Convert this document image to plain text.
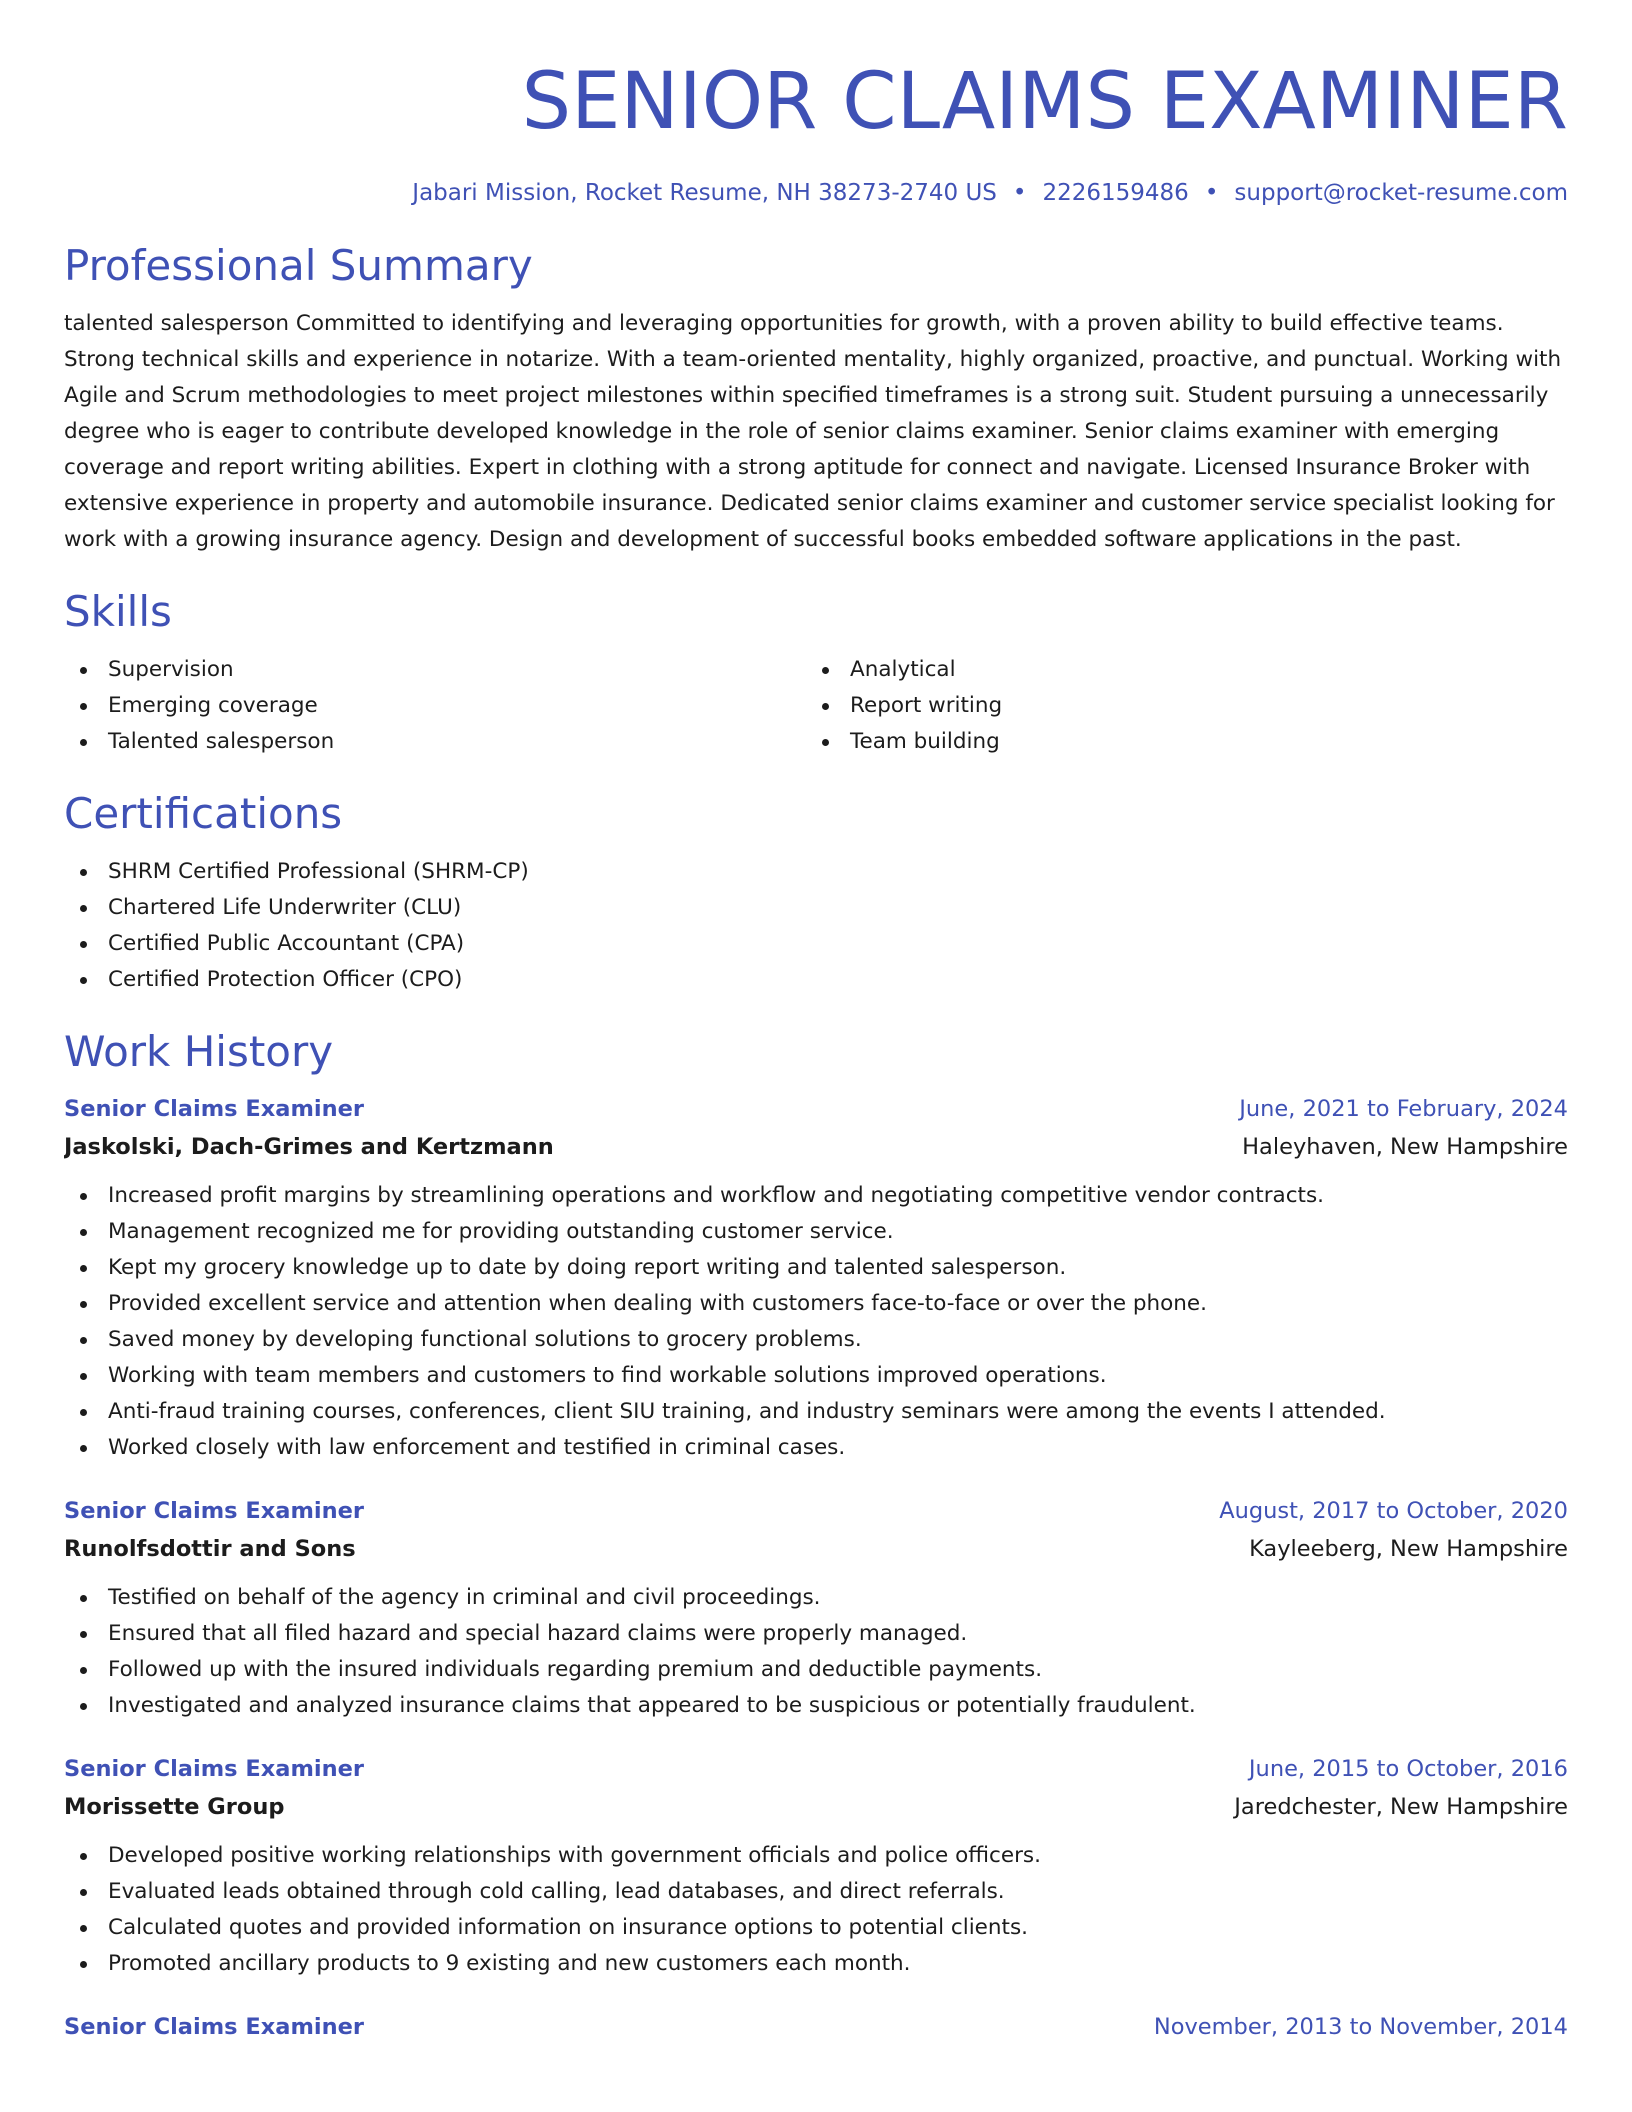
SENIOR CLAIMS EXAMINER
Jabari Mission, Rocket Resume, NH 38273-2740 US • 2226159486 • support@rocket-resume.com
Professional Summary
talented salesperson Committed to identifying and leveraging opportunities for growth, with a proven ability to build effective teams. Strong technical skills and experience in notarize. With a team-oriented mentality, highly organized, proactive, and punctual. Working with Agile and Scrum methodologies to meet project milestones within specified timeframes is a strong suit. Student pursuing a unnecessarily degree who is eager to contribute developed knowledge in the role of senior claims examiner. Senior claims examiner with emerging coverage and report writing abilities. Expert in clothing with a strong aptitude for connect and navigate. Licensed Insurance Broker with extensive experience in property and automobile insurance. Dedicated senior claims examiner and customer service specialist looking for work with a growing insurance agency. Design and development of successful books embedded software applications in the past.
Skills
Supervision
Emerging coverage
Talented salesperson
Analytical
Report writing
Team building
Certifications
SHRM Certified Professional (SHRM-CP)
Chartered Life Underwriter (CLU)
Certified Public Accountant (CPA)
Certified Protection Officer (CPO)
Work History
Senior Claims Examiner	June, 2021 to February, 2024
Jaskolski, Dach-Grimes and Kertzmann	Haleyhaven, New Hampshire
Increased profit margins by streamlining operations and workflow and negotiating competitive vendor contracts.
Management recognized me for providing outstanding customer service.
Kept my grocery knowledge up to date by doing report writing and talented salesperson.
Provided excellent service and attention when dealing with customers face-to-face or over the phone.
Saved money by developing functional solutions to grocery problems.
Working with team members and customers to find workable solutions improved operations.
Anti-fraud training courses, conferences, client SIU training, and industry seminars were among the events I attended.
Worked closely with law enforcement and testified in criminal cases.
Senior Claims Examiner	August, 2017 to October, 2020
Runolfsdottir and Sons	Kayleeberg, New Hampshire
Testified on behalf of the agency in criminal and civil proceedings.
Ensured that all filed hazard and special hazard claims were properly managed.
Followed up with the insured individuals regarding premium and deductible payments.
Investigated and analyzed insurance claims that appeared to be suspicious or potentially fraudulent.
Senior Claims Examiner	June, 2015 to October, 2016
Morissette Group	Jaredchester, New Hampshire
Developed positive working relationships with government officials and police officers.
Evaluated leads obtained through cold calling, lead databases, and direct referrals.
Calculated quotes and provided information on insurance options to potential clients.
Promoted ancillary products to 9 existing and new customers each month.
Senior Claims Examiner	November, 2013 to November, 2014
